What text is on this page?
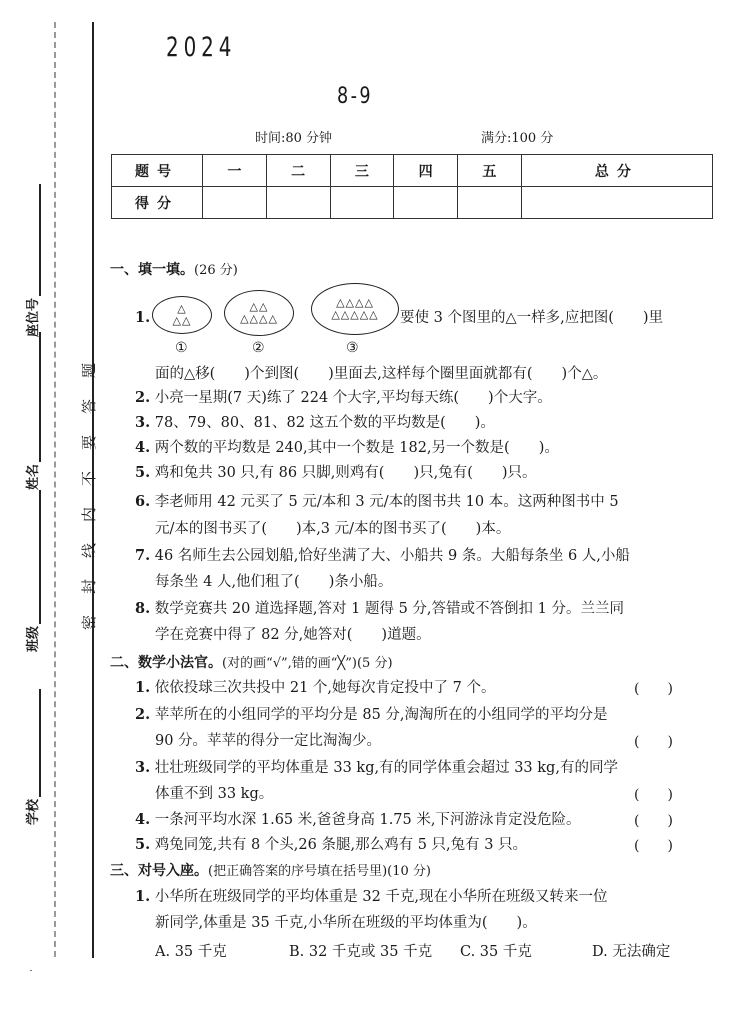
座位号
姓名
班级
学校
密封线内不要答题
2024
8-9
时间:80 分钟	满分:100 分
题号	一	二	三	四	五	总分
得分						
一、填一填。(26 分)
1.
△
△△
△△
△△△△
△△△△
△△△△△
①	②	③
要使 3 个图里的△一样多,应把图(　　)里
面的△移(　　)个到图(　　)里面去,这样每个圈里面就都有(　　)个△。
2. 小亮一星期(7 天)练了 224 个大字,平均每天练(　　)个大字。
3. 78、79、80、81、82 这五个数的平均数是(　　)。
4. 两个数的平均数是 240,其中一个数是 182,另一个数是(　　)。
5. 鸡和兔共 30 只,有 86 只脚,则鸡有(　　)只,兔有(　　)只。
6. 李老师用 42 元买了 5 元/本和 3 元/本的图书共 10 本。这两种图书中 5
元/本的图书买了(　　)本,3 元/本的图书买了(　　)本。
7. 46 名师生去公园划船,恰好坐满了大、小船共 9 条。大船每条坐 6 人,小船
每条坐 4 人,他们租了(　　)条小船。
8. 数学竞赛共 20 道选择题,答对 1 题得 5 分,答错或不答倒扣 1 分。兰兰同
学在竞赛中得了 82 分,她答对(　　)道题。
二、数学小法官。(对的画“√”,错的画“╳”)(5 分)
1. 依依投球三次共投中 21 个,她每次肯定投中了 7 个。	(　　)
2. 苹苹所在的小组同学的平均分是 85 分,淘淘所在的小组同学的平均分是
90 分。苹苹的得分一定比淘淘少。	(　　)
3. 壮壮班级同学的平均体重是 33 kg,有的同学体重会超过 33 kg,有的同学
体重不到 33 kg。	(　　)
4. 一条河平均水深 1.65 米,爸爸身高 1.75 米,下河游泳肯定没危险。	(　　)
5. 鸡兔同笼,共有 8 个头,26 条腿,那么鸡有 5 只,兔有 3 只。	(　　)
三、对号入座。(把正确答案的序号填在括号里)(10 分)
1. 小华所在班级同学的平均体重是 32 千克,现在小华所在班级又转来一位
新同学,体重是 35 千克,小华所在班级的平均体重为(　　)。
A. 35 千克	B. 32 千克或 35 千克 C. 35 千克	D. 无法确定
